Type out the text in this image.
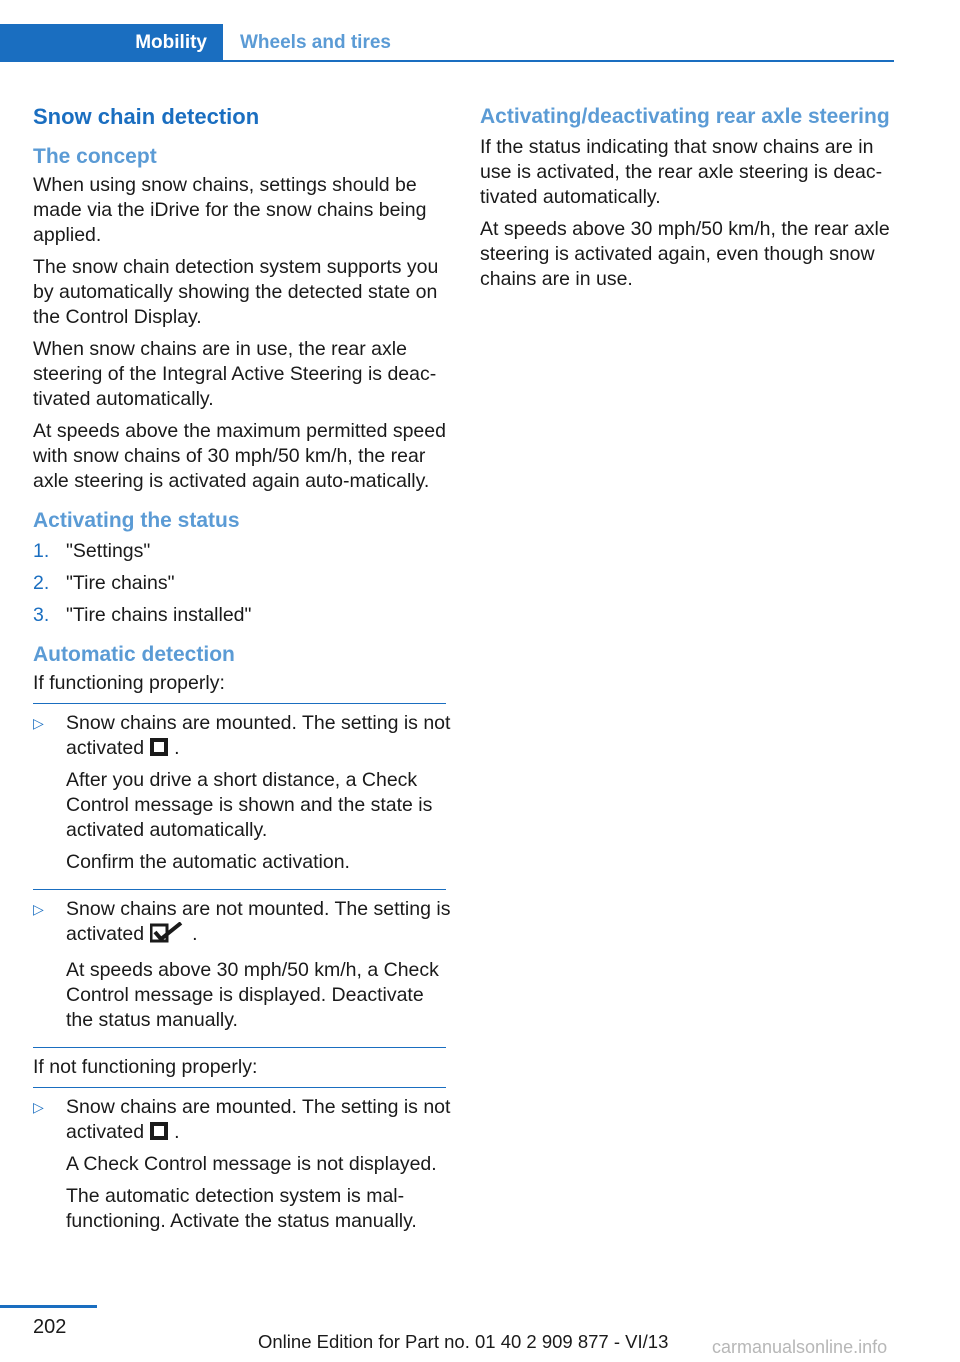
Mobility	Wheels and tires
Snow chain detection
The concept

When using snow chains, settings should be made via the iDrive for the snow chains being applied.

The snow chain detection system supports you by automatically showing the detected state on the Control Display.

When snow chains are in use, the rear axle steering of the Integral Active Steering is deac-tivated automatically.

At speeds above the maximum permitted speed with snow chains of 30 mph/50 km/h, the rear axle steering is activated again auto-matically.

Activating the status
1. "Settings"
2. "Tire chains"
3. "Tire chains installed"
Automatic detection

If functioning properly:

▷	Snow chains are mounted. The setting is not activated .

After you drive a short distance, a Check Control message is shown and the state is activated automatically.

Confirm the automatic activation.

▷	Snow chains are not mounted. The setting is activated .

At speeds above 30 mph/50 km/h, a Check Control message is displayed. Deactivate the status manually.

If not functioning properly:

▷	Snow chains are mounted. The setting is not activated .

A Check Control message is not displayed.

The automatic detection system is mal-functioning. Activate the status manually.

Activating/deactivating rear axle steering

If the status indicating that snow chains are in use is activated, the rear axle steering is deac-tivated automatically.

At speeds above 30 mph/50 km/h, the rear axle steering is activated again, even though snow chains are in use.

202
Online Edition for Part no. 01 40 2 909 877 - VI/13 carmanualsonline.info
